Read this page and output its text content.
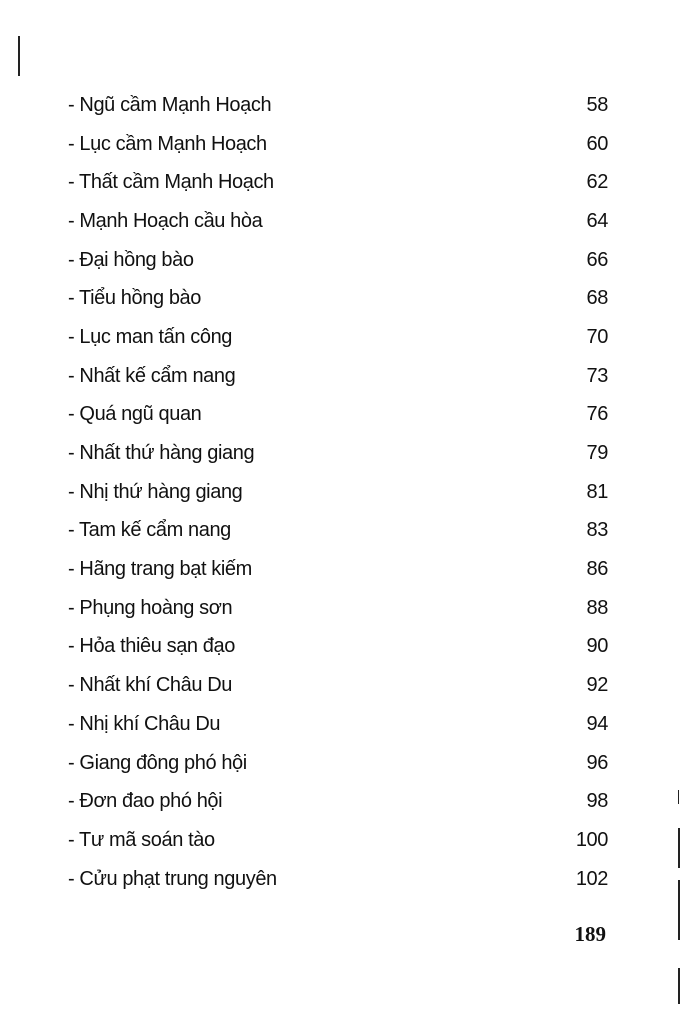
- Ngũ cầm Mạnh Hoạch	58
- Lục cầm Mạnh Hoạch	60
- Thất cầm Mạnh Hoạch	62
- Mạnh Hoạch cầu hòa	64
- Đại hồng bào	66
- Tiểu hồng bào	68
- Lục man tấn công	70
- Nhất kế cẩm nang	73
- Quá ngũ quan	76
- Nhất thứ hàng giang	79
- Nhị thứ hàng giang	81
- Tam kế cẩm nang	83
- Hãng trang bạt kiếm	86
- Phụng hoàng sơn	88
- Hỏa thiêu sạn đạo	90
- Nhất khí Châu Du	92
- Nhị khí Châu Du	94
- Giang đông phó hội	96
- Đơn đao phó hội	98
- Tư mã soán tào	100
- Cửu phạt trung nguyên	102
189
